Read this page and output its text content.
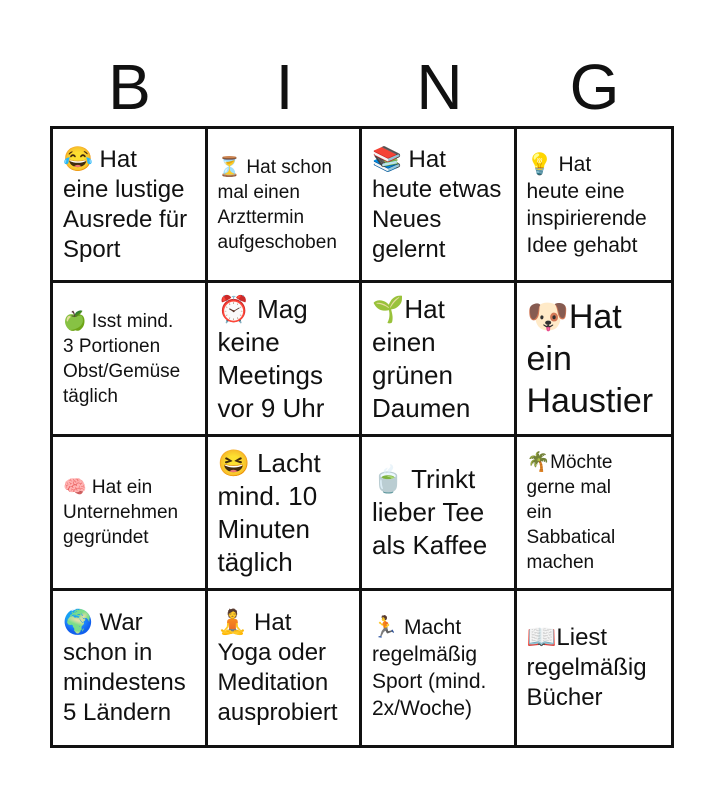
B	I	N	G
😂 Hat
eine lustige
Ausrede für
Sport
⏳ Hat schon
mal einen
Arzttermin
aufgeschoben
📚 Hat
heute etwas
Neues
gelernt
💡 Hat
heute eine
inspirierende
Idee gehabt
🍏 Isst mind.
3 Portionen
Obst/Gemüse
täglich
⏰ Mag
keine
Meetings
vor 9 Uhr
🌱Hat
einen
grünen
Daumen
🐶Hat
ein
Haustier
🧠 Hat ein
Unternehmen
gegründet
😆 Lacht
mind. 10
Minuten
täglich
🍵 Trinkt
lieber Tee
als Kaffee
🌴Möchte
gerne mal
ein
Sabbatical
machen
🌍 War
schon in
mindestens
5 Ländern
🧘 Hat
Yoga oder
Meditation
ausprobiert
🏃 Macht
regelmäßig
Sport (mind.
2x/Woche)
📖Liest
regelmäßig
Bücher
